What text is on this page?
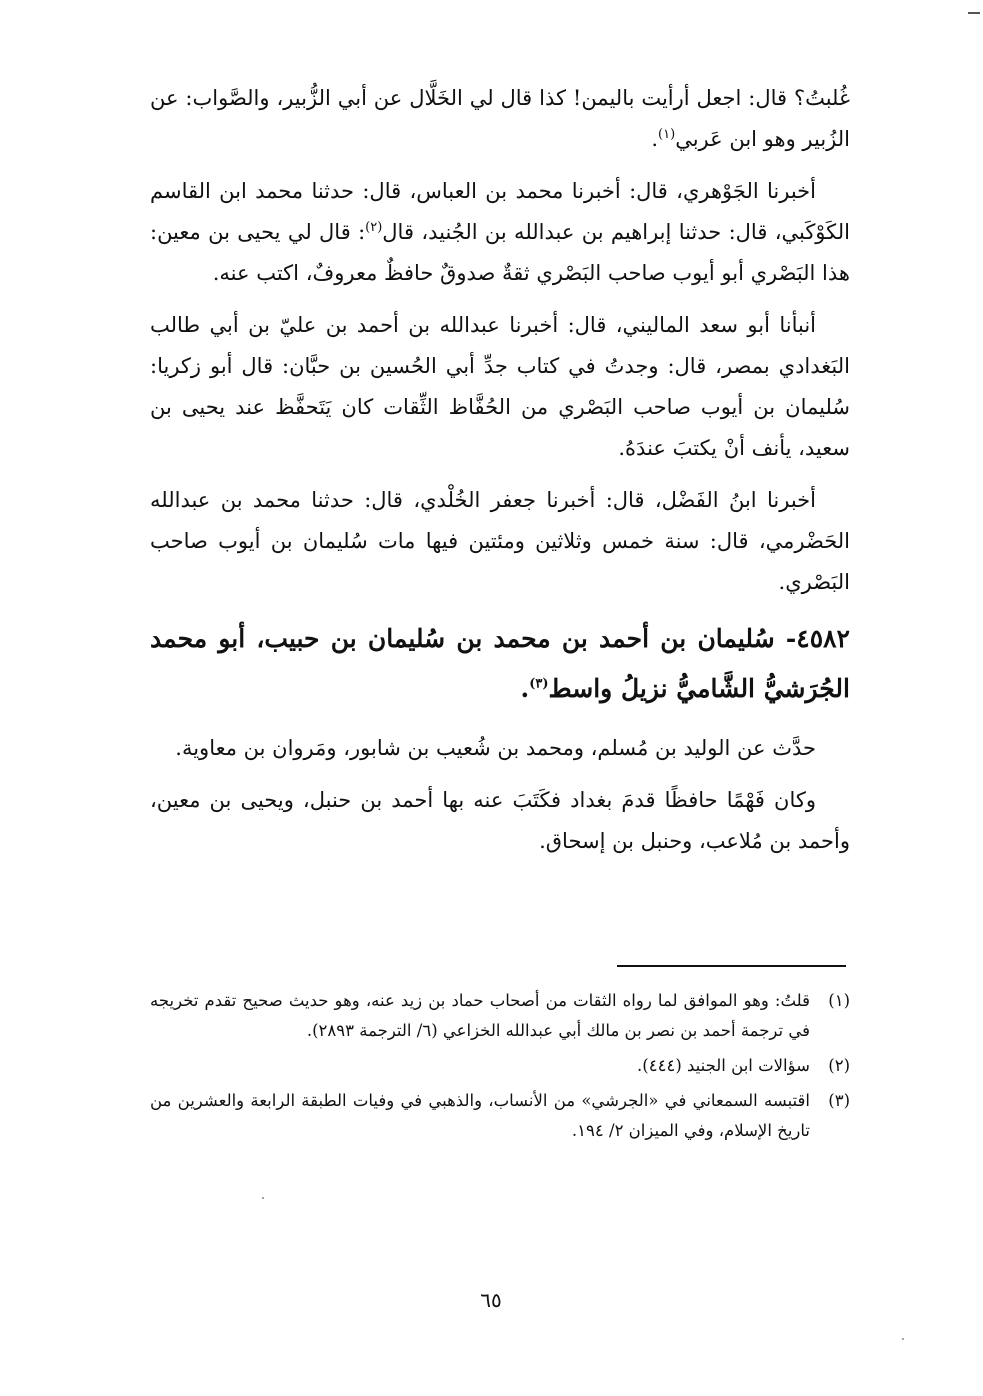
غُلبتُ؟ قال: اجعل أرأيت باليمن! كذا قال لي الخَلَّال عن أبي الزُّبير، والصَّواب: عن الزُبير وهو ابن عَربي$^{(١)}$.

أخبرنا الجَوْهري، قال: أخبرنا محمد بن العباس، قال: حدثنا محمد ابن القاسم الكَوْكَبي، قال: حدثنا إبراهيم بن عبدالله بن الجُنيد، قال$^{(٢)}$: قال لي يحيى بن معين: هذا البَصْري أبو أيوب صاحب البَصْري ثقةٌ صدوقٌ حافظٌ معروفٌ، اكتب عنه.

أنبأنا أبو سعد الماليني، قال: أخبرنا عبدالله بن أحمد بن عليّ بن أبي طالب البَغدادي بمصر، قال: وجدتُ في كتاب جدِّ أبي الحُسين بن حبَّان: قال أبو زكريا: سُليمان بن أيوب صاحب البَصْري من الحُفَّاظ الثِّقات كان يَتَحفَّظ عند يحيى بن سعيد، يأنف أنْ يكتبَ عندَهُ.

أخبرنا ابنُ الفَضْل، قال: أخبرنا جعفر الخُلْدي، قال: حدثنا محمد بن عبدالله الحَضْرمي، قال: سنة خمس وثلاثين ومئتين فيها مات سُليمان بن أيوب صاحب البَصْري.

٤٥٨٢- سُليمان بن أحمد بن محمد بن سُليمان بن حبيب، أبو محمد الجُرَشيُّ الشَّاميُّ نزيلُ واسط$^{(٣)}$.

حدَّث عن الوليد بن مُسلم، ومحمد بن شُعيب بن شابور، ومَروان بن معاوية.

وكان فَهْمًا حافظًا قدمَ بغداد فكَتَبَ عنه بها أحمد بن حنبل، ويحيى بن معين، وأحمد بن مُلاعب، وحنبل بن إسحاق.

(١)
قلتُ: وهو الموافق لما رواه الثقات من أصحاب حماد بن زيد عنه، وهو حديث صحيح تقدم تخريجه في ترجمة أحمد بن نصر بن مالك أبي عبدالله الخزاعي (٦/ الترجمة ٢٨٩٣).
(٢)
سؤالات ابن الجنيد (٤٤٤).
(٣)
اقتبسه السمعاني في «الجرشي» من الأنساب، والذهبي في وفيات الطبقة الرابعة والعشرين من تاريخ الإسلام، وفي الميزان ٢/ ١٩٤.
٦٥
